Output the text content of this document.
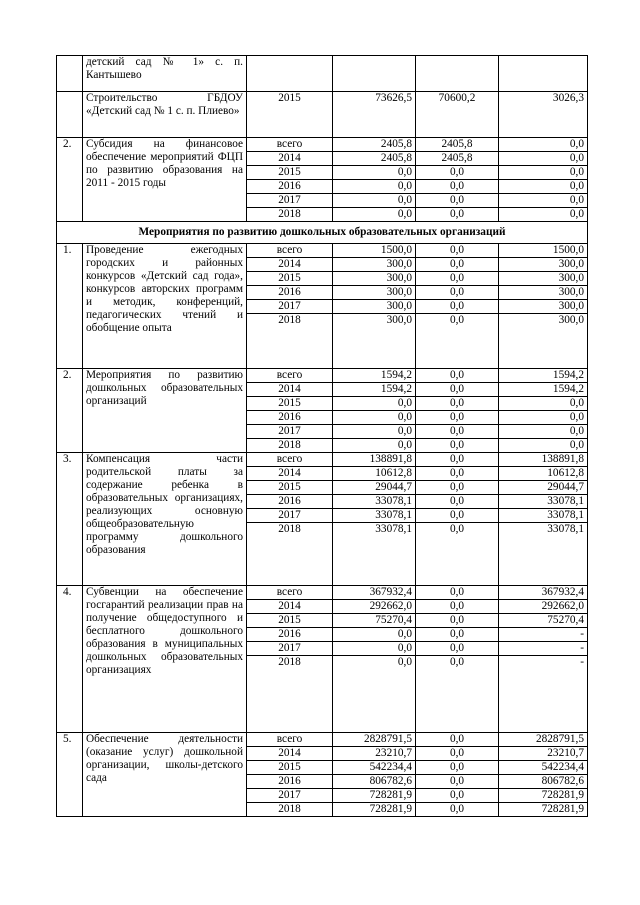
	детский сад № 1» с. п. Кантышево				
	Строительство ГБДОУ «Детский сад № 1 с. п. Плиево»	2015	73626,5	70600,2	3026,3
2.	Субсидия на финансовое обеспечение мероприятий ФЦП по развитию образования на 2011 - 2015 годы	всего	2405,8	2405,8	0,0
		2014	2405,8	2405,8	0,0
		2015	0,0	0,0	0,0
		2016	0,0	0,0	0,0
		2017	0,0	0,0	0,0
		2018	0,0	0,0	0,0
Мероприятия по развитию дошкольных образовательных организаций					
1.	Проведение ежегодных городских и районных конкурсов «Детский сад года», конкурсов авторских программ и методик, конференций, педагогических чтений и обобщение опыта	всего	1500,0	0,0	1500,0
		2014	300,0	0,0	300,0
		2015	300,0	0,0	300,0
		2016	300,0	0,0	300,0
		2017	300,0	0,0	300,0
		2018	300,0	0,0	300,0
2.	Мероприятия по развитию дошкольных образовательных организаций	всего	1594,2	0,0	1594,2
		2014	1594,2	0,0	1594,2
		2015	0,0	0,0	0,0
		2016	0,0	0,0	0,0
		2017	0,0	0,0	0,0
		2018	0,0	0,0	0,0
3.	Компенсация части родительской платы за содержание ребенка в образовательных организациях, реализующих основную общеобразовательную программу дошкольного образования	всего	138891,8	0,0	138891,8
		2014	10612,8	0,0	10612,8
		2015	29044,7	0,0	29044,7
		2016	33078,1	0,0	33078,1
		2017	33078,1	0,0	33078,1
		2018	33078,1	0,0	33078,1
4.	Субвенции на обеспечение госгарантий реализации прав на получение общедоступного и бесплатного дошкольного образования в муниципальных дошкольных образовательных организациях	всего	367932,4	0,0	367932,4
		2014	292662,0	0,0	292662,0
		2015	75270,4	0,0	75270,4
		2016	0,0	0,0	-
		2017	0,0	0,0	-
		2018	0,0	0,0	-
5.	Обеспечение деятельности (оказание услуг) дошкольной организации, школы-детского сада	всего	2828791,5	0,0	2828791,5
		2014	23210,7	0,0	23210,7
		2015	542234,4	0,0	542234,4
		2016	806782,6	0,0	806782,6
		2017	728281,9	0,0	728281,9
		2018	728281,9	0,0	728281,9
